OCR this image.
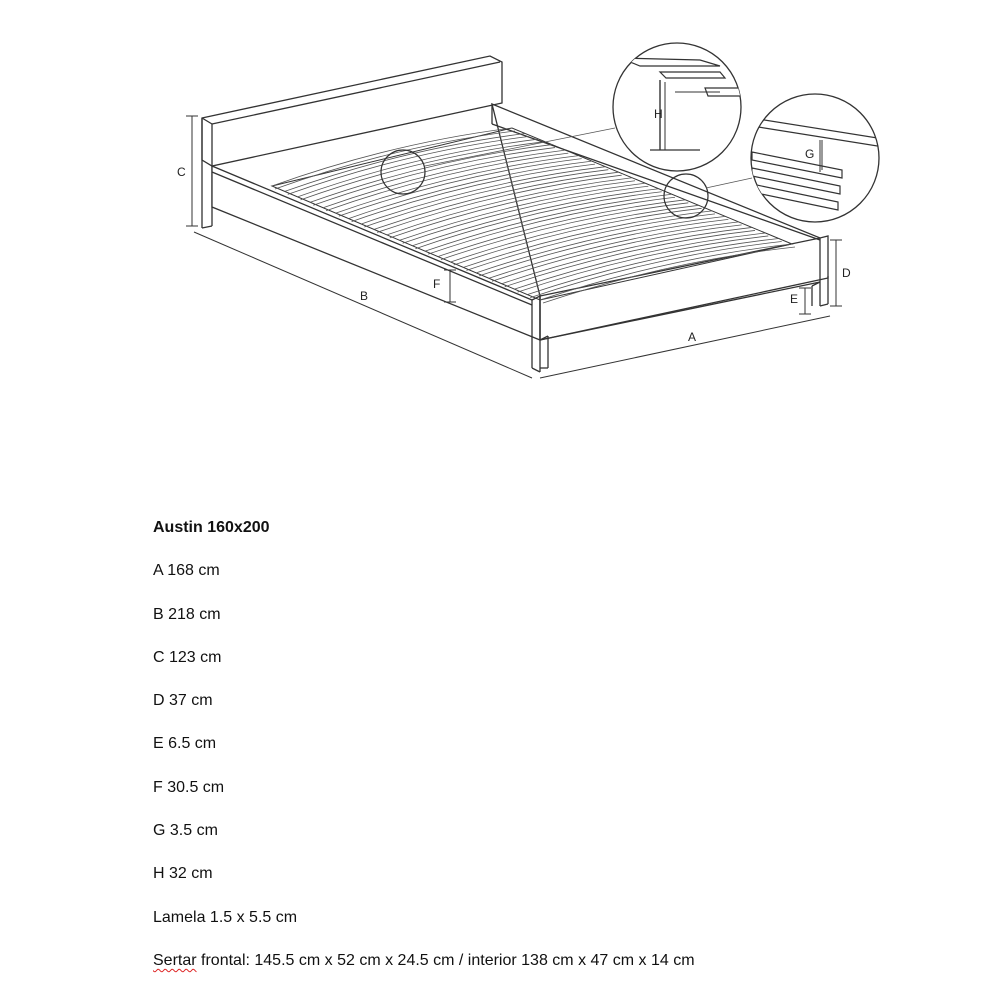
C
B
A
D
E
F
G
H
Austin 160x200
A 168 cm
B 218 cm
C 123 cm
D 37 cm
E 6.5 cm
F 30.5 cm
G 3.5 cm
H 32 cm
Lamela 1.5 x 5.5 cm
Sertar frontal: 145.5 cm x 52 cm x 24.5 cm / interior 138 cm x 47 cm x 14 cm
